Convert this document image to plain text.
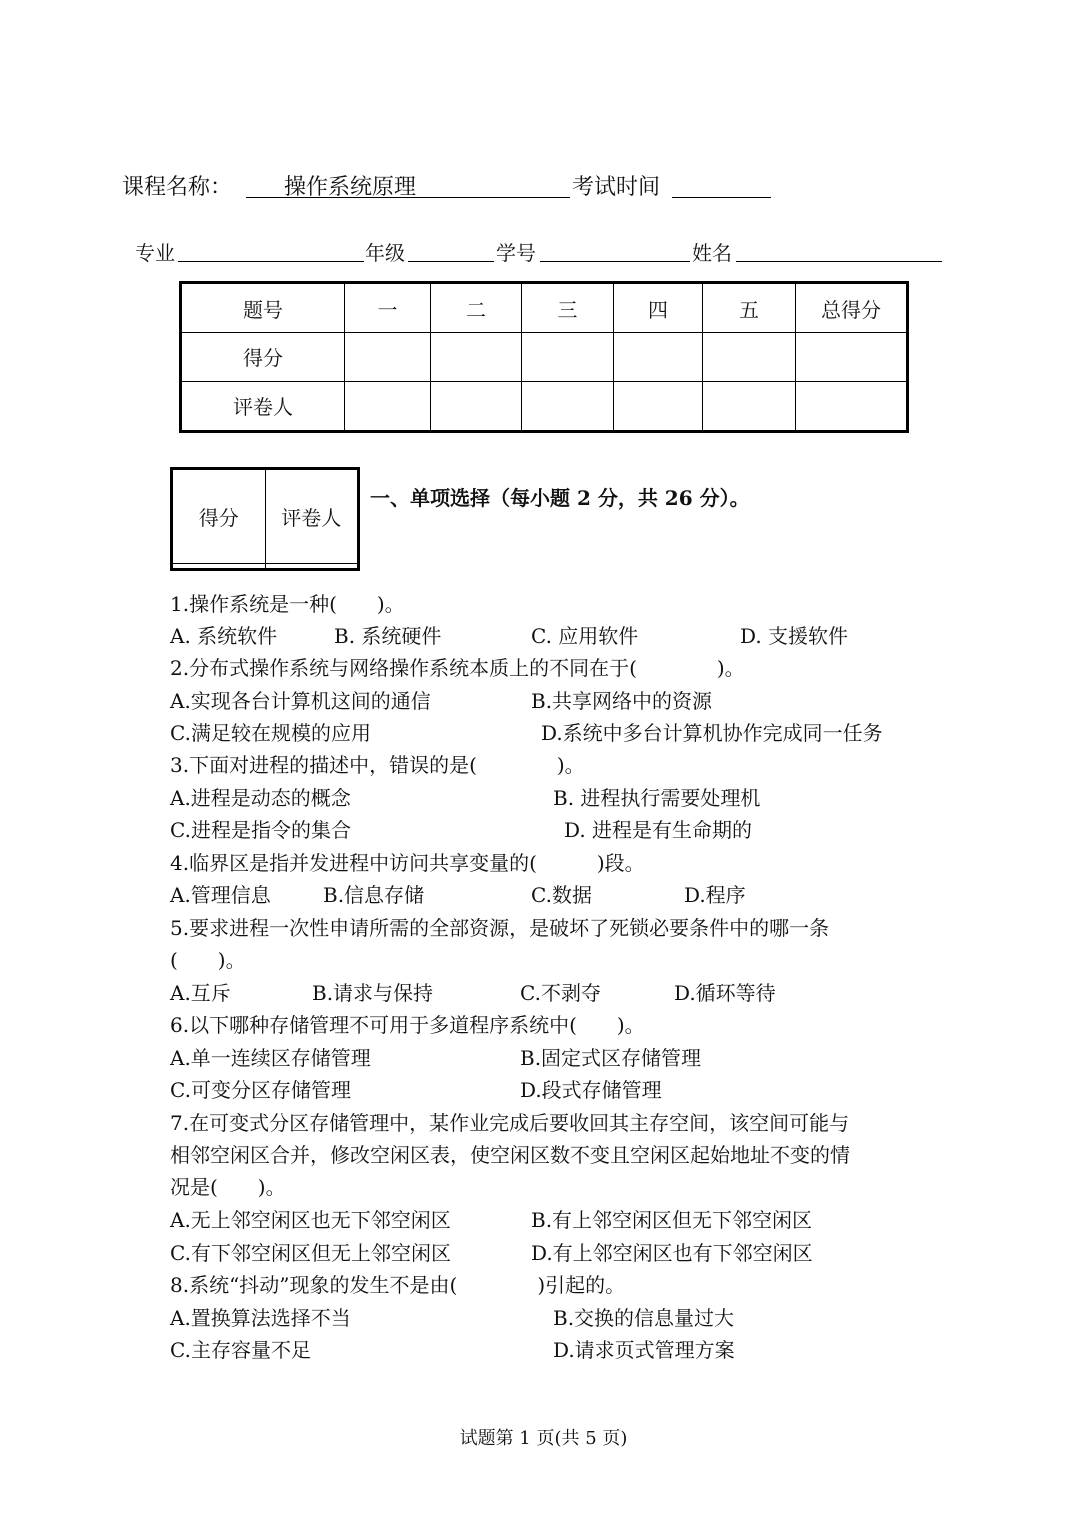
课程名称： 操作系统原理	考试时间
专业	年级	学号	姓名
题号	一	二	三	四	五	总得分
得分						
评卷人						
得分	评卷人

一、单项选择（每小题 2 分，共 26 分）。
1.操作系统是一种(　　)。
A. 系统软件	B. 系统硬件	C. 应用软件	D. 支援软件
2.分布式操作系统与网络操作系统本质上的不同在于(　　　　)。
A.实现各台计算机这间的通信	B.共享网络中的资源
C.满足较在规模的应用	D.系统中多台计算机协作完成同一任务
3.下面对进程的描述中，错误的是(　　　　)。
A.进程是动态的概念	B. 进程执行需要处理机
C.进程是指令的集合	D. 进程是有生命期的
4.临界区是指并发进程中访问共享变量的(　　　)段。
A.管理信息	B.信息存储	C.数据	D.程序
5.要求进程一次性申请所需的全部资源，是破坏了死锁必要条件中的哪一条
(　　)。
A.互斥	B.请求与保持	C.不剥夺	D.循环等待
6.以下哪种存储管理不可用于多道程序系统中(　　)。
A.单一连续区存储管理	B.固定式区存储管理
C.可变分区存储管理	D.段式存储管理
7.在可变式分区存储管理中，某作业完成后要收回其主存空间，该空间可能与
相邻空闲区合并，修改空闲区表，使空闲区数不变且空闲区起始地址不变的情
况是(　　)。
A.无上邻空闲区也无下邻空闲区	B.有上邻空闲区但无下邻空闲区
C.有下邻空闲区但无上邻空闲区	D.有上邻空闲区也有下邻空闲区
8.系统“抖动”现象的发生不是由(　　　　)引起的。
A.置换算法选择不当	B.交换的信息量过大
C.主存容量不足	D.请求页式管理方案
试题第 1 页(共 5 页)
